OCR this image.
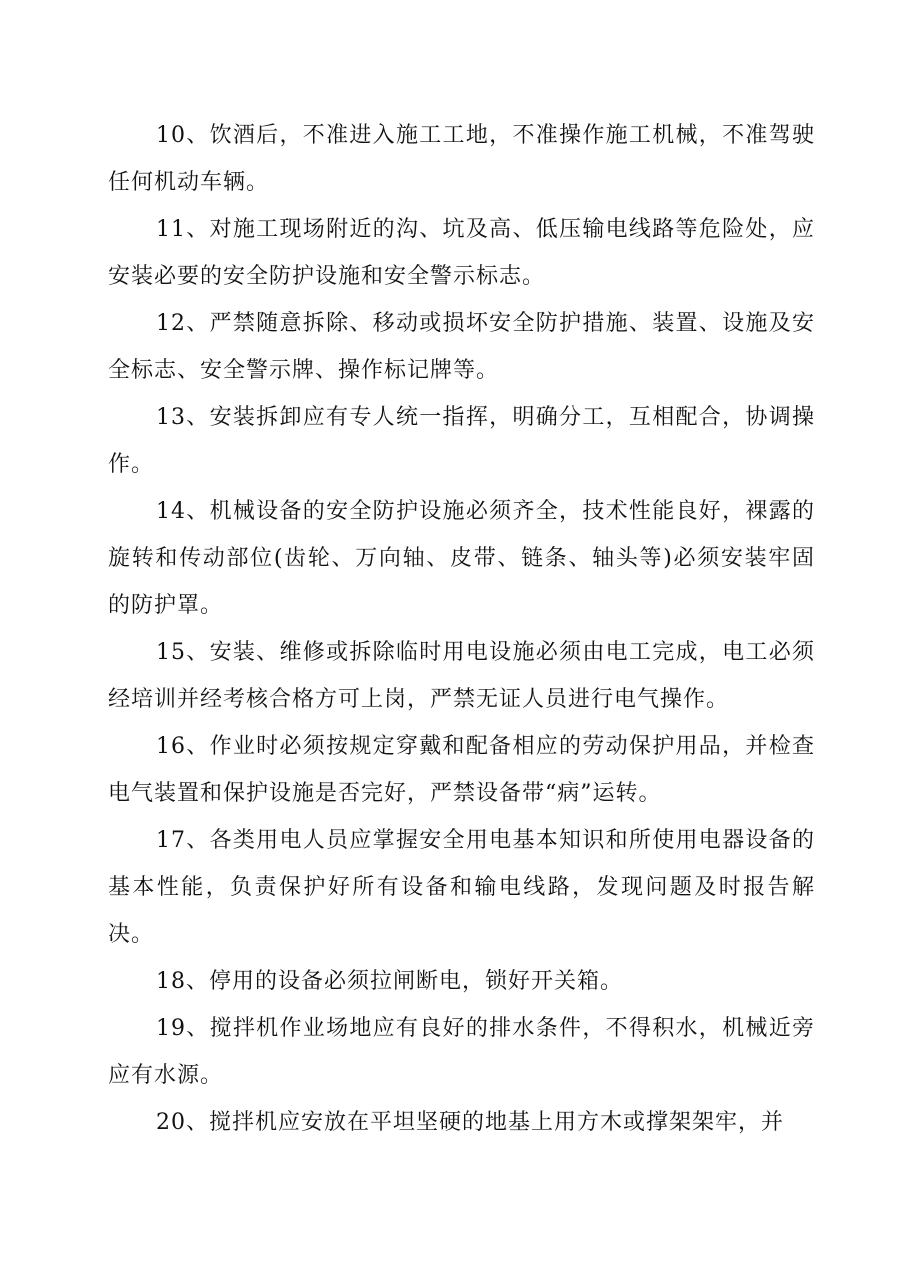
10、饮酒后，不准进入施工工地，不准操作施工机械，不准驾驶任何机动车辆。

11、对施工现场附近的沟、坑及高、低压输电线路等危险处，应安装必要的安全防护设施和安全警示标志。

12、严禁随意拆除、移动或损坏安全防护措施、装置、设施及安全标志、安全警示牌、操作标记牌等。

13、安装拆卸应有专人统一指挥，明确分工，互相配合，协调操作。

14、机械设备的安全防护设施必须齐全，技术性能良好，裸露的旋转和传动部位(齿轮、万向轴、皮带、链条、轴头等)必须安装牢固的防护罩。

15、安装、维修或拆除临时用电设施必须由电工完成，电工必须经培训并经考核合格方可上岗，严禁无证人员进行电气操作。

16、作业时必须按规定穿戴和配备相应的劳动保护用品，并检查电气装置和保护设施是否完好，严禁设备带“病”运转。

17、各类用电人员应掌握安全用电基本知识和所使用电器设备的基本性能，负责保护好所有设备和输电线路，发现问题及时报告解决。

18、停用的设备必须拉闸断电，锁好开关箱。

19、搅拌机作业场地应有良好的排水条件，不得积水，机械近旁应有水源。

20、搅拌机应安放在平坦坚硬的地基上用方木或撑架架牢，并
